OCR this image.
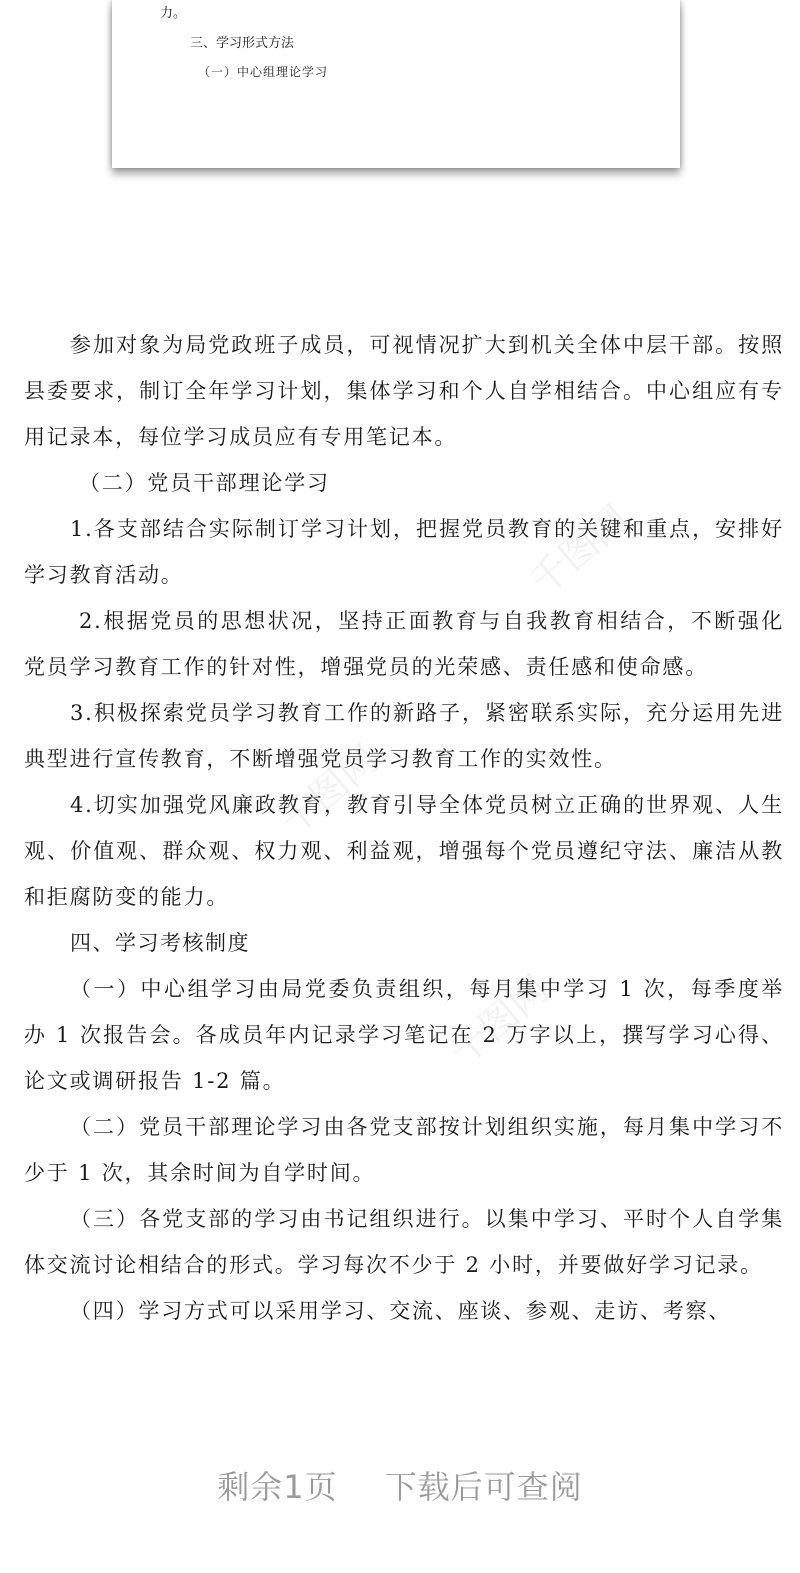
力。
三、学习形式方法
（一）中心组理论学习
千图网
千图网
千图网

参加对象为局党政班子成员，可视情况扩大到机关全体中层干部。按照县委要求，制订全年学习计划，集体学习和个人自学相结合。中心组应有专用记录本，每位学习成员应有专用笔记本。

（二）党员干部理论学习

1.各支部结合实际制订学习计划，把握党员教育的关键和重点，安排好学习教育活动。

2.根据党员的思想状况，坚持正面教育与自我教育相结合，不断强化党员学习教育工作的针对性，增强党员的光荣感、责任感和使命感。

3.积极探索党员学习教育工作的新路子，紧密联系实际，充分运用先进典型进行宣传教育，不断增强党员学习教育工作的实效性。

4.切实加强党风廉政教育，教育引导全体党员树立正确的世界观、人生观、价值观、群众观、权力观、利益观，增强每个党员遵纪守法、廉洁从教和拒腐防变的能力。

四、学习考核制度

（一）中心组学习由局党委负责组织，每月集中学习 1 次，每季度举办 1 次报告会。各成员年内记录学习笔记在 2 万字以上，撰写学习心得、论文或调研报告 1-2 篇。

（二）党员干部理论学习由各党支部按计划组织实施，每月集中学习不少于 1 次，其余时间为自学时间。

（三）各党支部的学习由书记组织进行。以集中学习、平时个人自学集体交流讨论相结合的形式。学习每次不少于 2 小时，并要做好学习记录。

（四）学习方式可以采用学习、交流、座谈、参观、走访、考察、

剩余1页 下载后可查阅
